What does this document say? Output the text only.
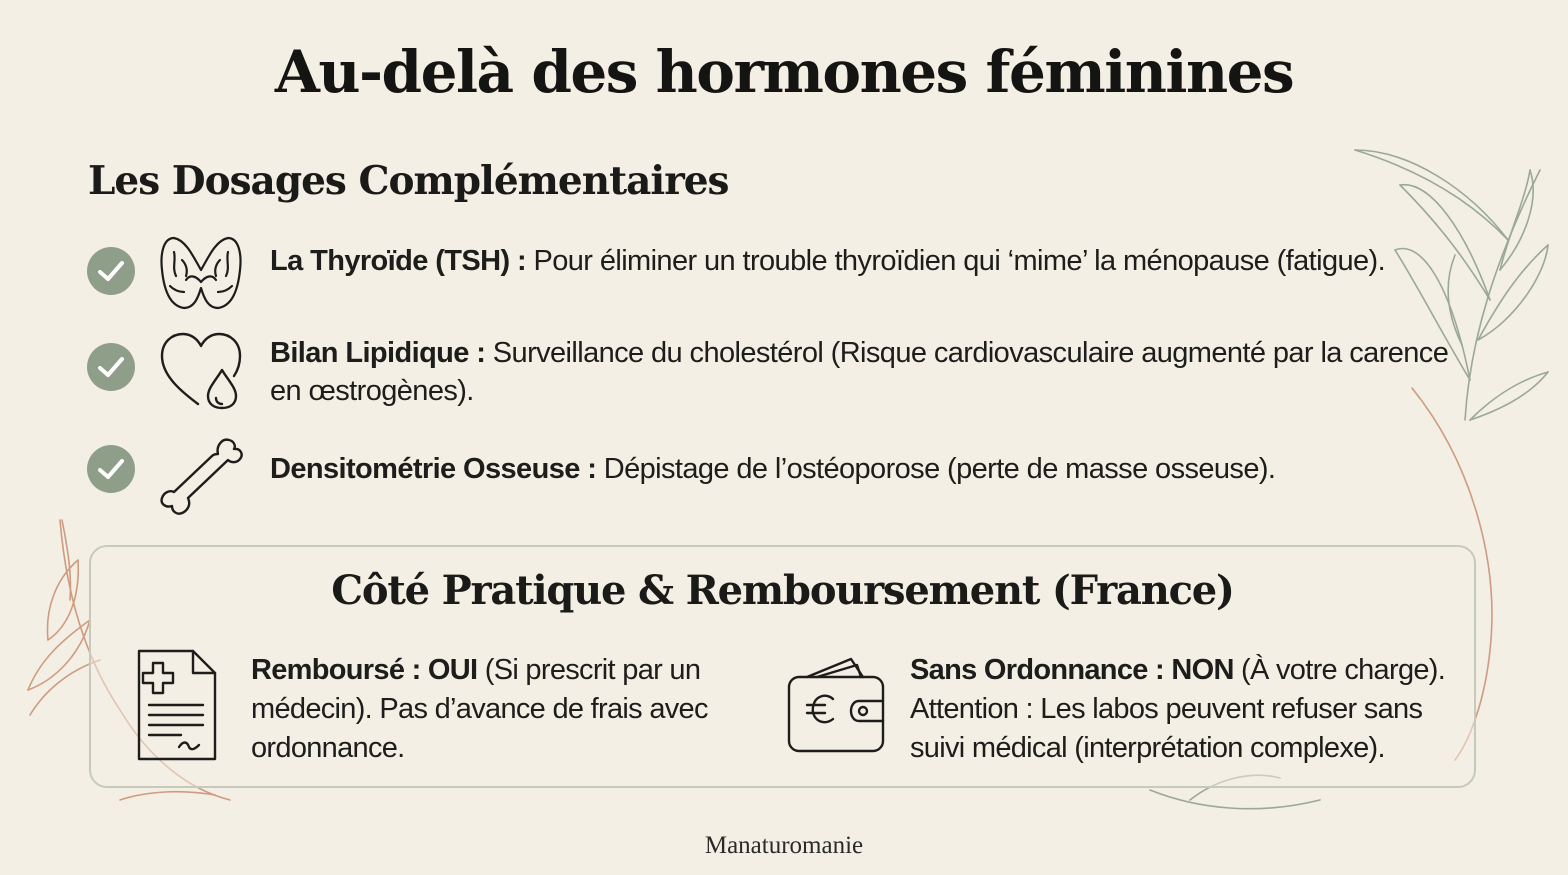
Au-delà des hormones féminines
Les Dosages Complémentaires
La Thyroïde (TSH) : Pour éliminer un trouble thyroïdien qui ‘mime’ la ménopause (fatigue).
Bilan Lipidique : Surveillance du cholestérol (Risque cardiovasculaire augmenté par la carence en œstrogènes).
Densitométrie Osseuse : Dépistage de l’ostéoporose (perte de masse osseuse).
Côté Pratique & Remboursement (France)
Remboursé : OUI (Si prescrit par un médecin). Pas d’avance de frais avec ordonnance.
Sans Ordonnance : NON (À votre charge). Attention : Les labos peuvent refuser sans suivi médical (interprétation complexe).
Manaturomanie
